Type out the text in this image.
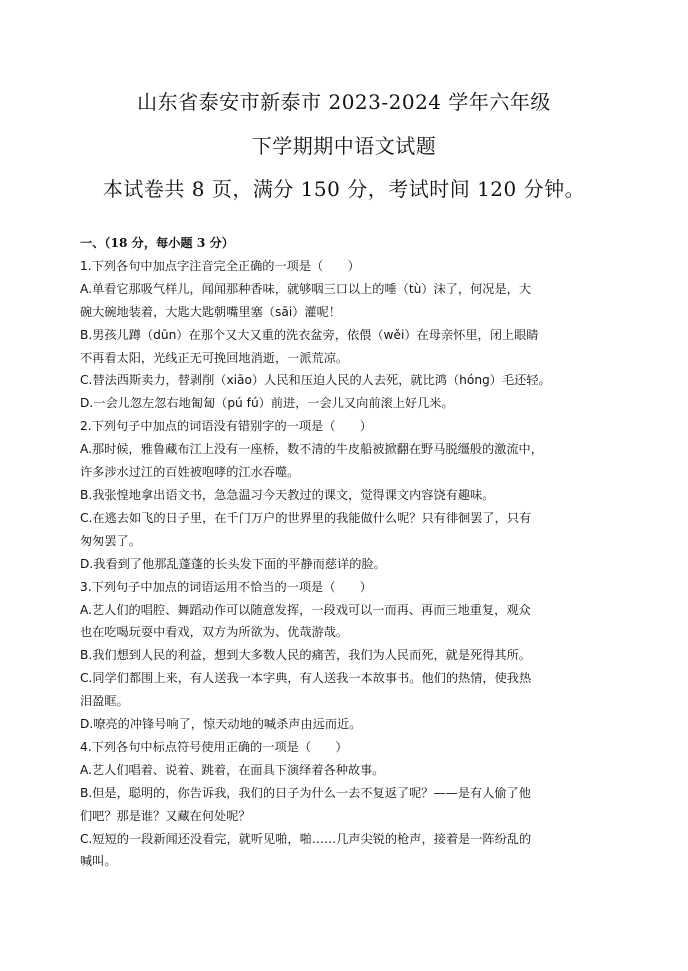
山东省泰安市新泰市 2023-2024 学年六年级
下学期期中语文试题
本试卷共 8 页，满分 150 分，考试时间 120 分钟。
一、（18 分，每小题 3 分）
1.下列各句中加点字注音完全正确的一项是（　　）
A.单看它那吸气样儿，闻闻那种香味，就够咽三口以上的唾（tù）沫了，何况是，大
碗大碗地装着，大匙大匙朝嘴里塞（sāi）灌呢！
B.男孩儿蹲（dūn）在那个又大又重的洗衣盆旁，依偎（wěi）在母亲怀里，闭上眼睛
不再看太阳，光线正无可挽回地消逝，一派荒凉。
C.替法西斯卖力，替剥削（xiāo）人民和压迫人民的人去死，就比鸿（hóng）毛还轻。
D.一会儿忽左忽右地匍匐（pú fú）前进，一会儿又向前滚上好几米。
2.下列句子中加点的词语没有错别字的一项是（　　）
A.那时候，雅鲁藏布江上没有一座桥，数不清的牛皮船被掀翻在野马脱缰般的激流中，
许多涉水过江的百姓被咆哮的江水吞噬。
B.我张惶地拿出语文书，急急温习今天教过的课文，觉得课文内容饶有趣味。
C.在逃去如飞的日子里，在千门万户的世界里的我能做什么呢？只有徘徊罢了，只有
匆匆罢了。
D.我看到了他那乱蓬蓬的长头发下面的平静而慈详的脸。
3.下列句子中加点的词语运用不恰当的一项是（　　）
A.艺人们的唱腔、舞蹈动作可以随意发挥，一段戏可以一而再、再而三地重复，观众
也在吃喝玩耍中看戏，双方为所欲为、优哉游哉。
B.我们想到人民的利益，想到大多数人民的痛苦，我们为人民而死，就是死得其所。
C.同学们都围上来，有人送我一本字典，有人送我一本故事书。他们的热情，使我热
泪盈眶。
D.嘹亮的冲锋号响了，惊天动地的喊杀声由远而近。
4.下列各句中标点符号使用正确的一项是（　　）
A.艺人们唱着、说着、跳着，在面具下演绎着各种故事。
B.但是，聪明的，你告诉我，我们的日子为什么一去不复返了呢？——是有人偷了他
们吧？那是谁？又藏在何处呢？
C.短短的一段新闻还没看完，就听见啪，啪……几声尖锐的枪声，接着是一阵纷乱的
喊叫。
